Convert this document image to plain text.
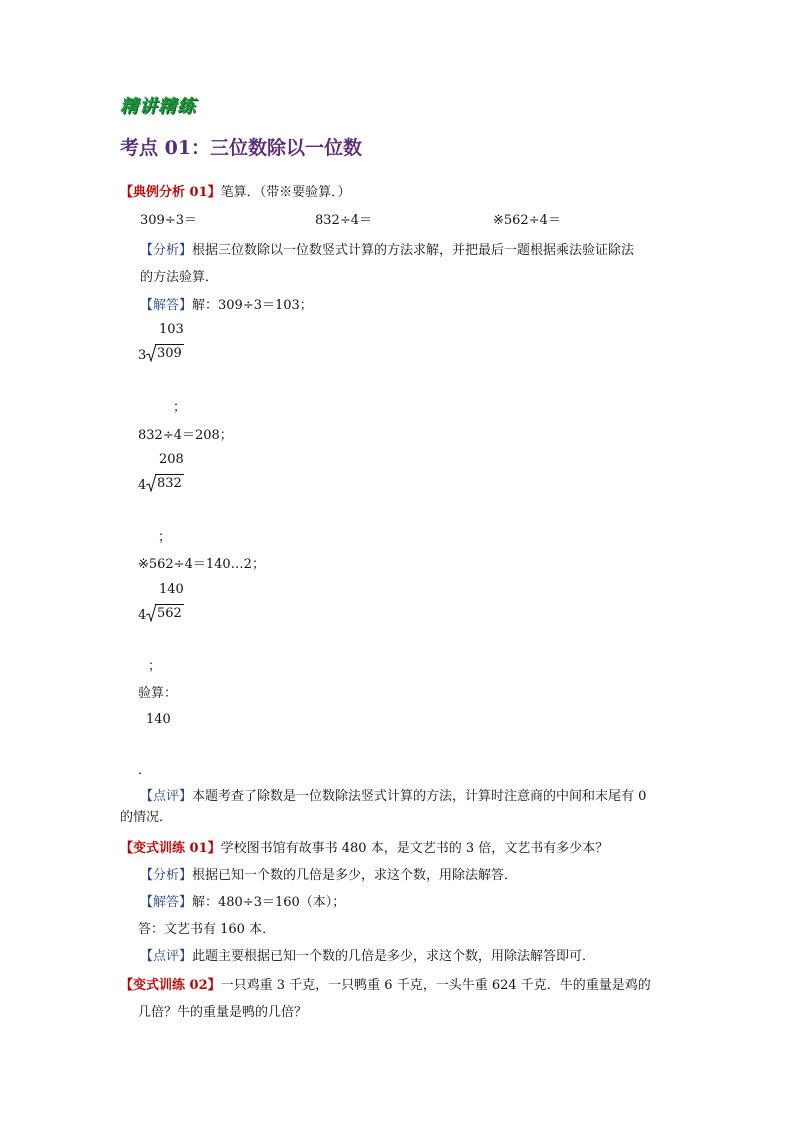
精讲精练
考点 01：三位数除以一位数
【典例分析 01】笔算．（带※要验算．）
309÷3＝	832÷4＝	※562÷4＝
【分析】根据三位数除以一位数竖式计算的方法求解，并把最后一题根据乘法验证除法
的方法验算．
【解答】解：309÷3＝103；
103
3 309
；
832÷4＝208；
208
4 832
；
※562÷4＝140…2；
140
4 562
；
验算：
140
．
【点评】本题考查了除数是一位数除法竖式计算的方法，计算时注意商的中间和末尾有 0
的情况．
【变式训练 01】学校图书馆有故事书 480 本，是文艺书的 3 倍，文艺书有多少本？
【分析】根据已知一个数的几倍是多少，求这个数，用除法解答．
【解答】解：480÷3＝160（本）；
答：文艺书有 160 本．
【点评】此题主要根据已知一个数的几倍是多少，求这个数，用除法解答即可．
【变式训练 02】一只鸡重 3 千克，一只鸭重 6 千克，一头牛重 624 千克．牛的重量是鸡的
几倍？牛的重量是鸭的几倍？
